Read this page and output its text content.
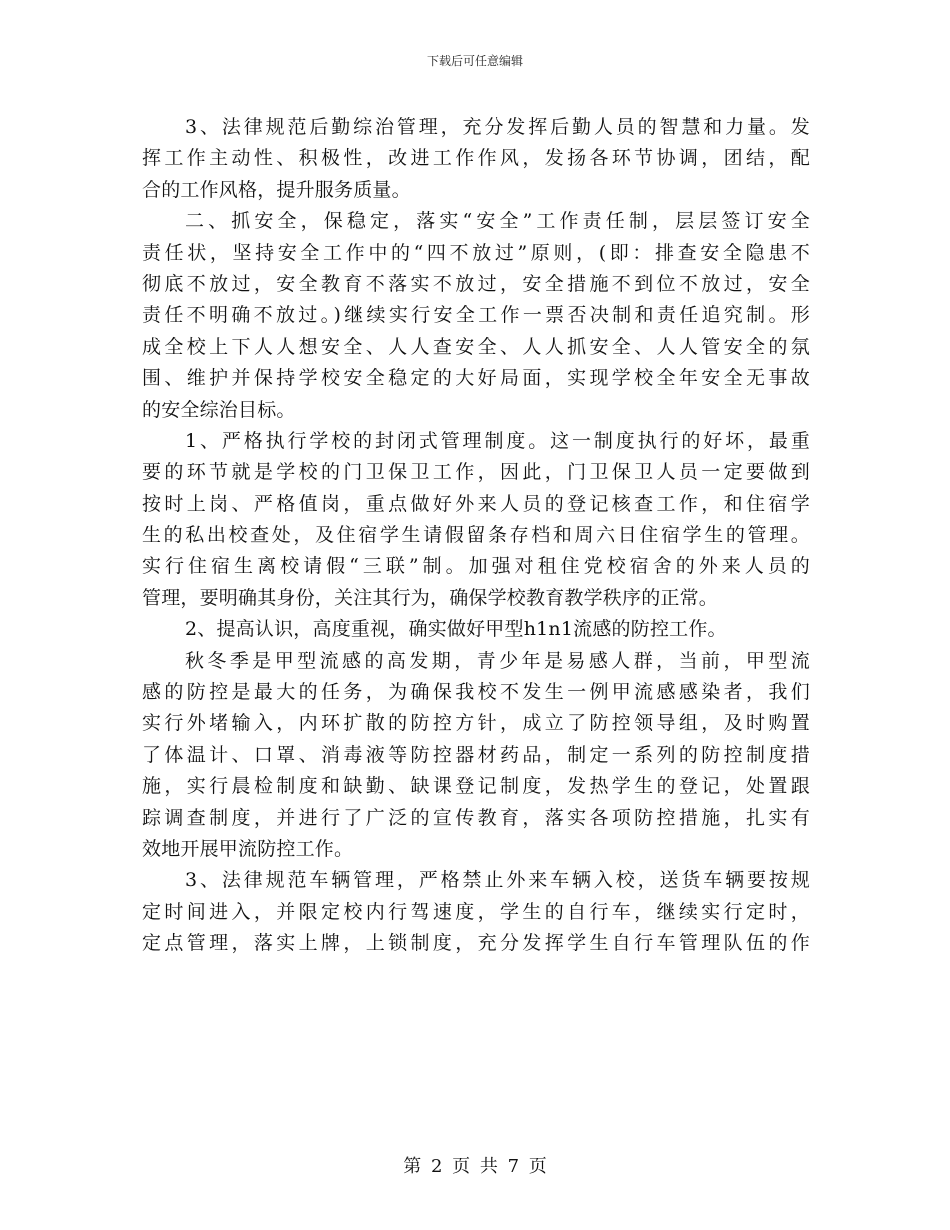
下载后可任意编辑
3、法律规范后勤综治管理，充分发挥后勤人员的智慧和力量。发
挥工作主动性、积极性，改进工作作风，发扬各环节协调，团结，配
合的工作风格，提升服务质量。
二、抓安全，保稳定，落实“安全”工作责任制，层层签订安全
责任状，坚持安全工作中的“四不放过”原则，(即：排查安全隐患不
彻底不放过，安全教育不落实不放过，安全措施不到位不放过，安全
责任不明确不放过。)继续实行安全工作一票否决制和责任追究制。形
成全校上下人人想安全、人人查安全、人人抓安全、人人管安全的氛
围、维护并保持学校安全稳定的大好局面，实现学校全年安全无事故
的安全综治目标。
1、严格执行学校的封闭式管理制度。这一制度执行的好坏，最重
要的环节就是学校的门卫保卫工作，因此，门卫保卫人员一定要做到
按时上岗、严格值岗，重点做好外来人员的登记核查工作，和住宿学
生的私出校查处，及住宿学生请假留条存档和周六日住宿学生的管理。
实行住宿生离校请假“三联”制。加强对租住党校宿舍的外来人员的
管理，要明确其身份，关注其行为，确保学校教育教学秩序的正常。
2、提高认识，高度重视，确实做好甲型h1n1流感的防控工作。
秋冬季是甲型流感的高发期，青少年是易感人群，当前，甲型流
感的防控是最大的任务，为确保我校不发生一例甲流感感染者，我们
实行外堵输入，内环扩散的防控方针，成立了防控领导组，及时购置
了体温计、口罩、消毒液等防控器材药品，制定一系列的防控制度措
施，实行晨检制度和缺勤、缺课登记制度，发热学生的登记，处置跟
踪调查制度，并进行了广泛的宣传教育，落实各项防控措施，扎实有
效地开展甲流防控工作。
3、法律规范车辆管理，严格禁止外来车辆入校，送货车辆要按规
定时间进入，并限定校内行驾速度，学生的自行车，继续实行定时，
定点管理，落实上牌，上锁制度，充分发挥学生自行车管理队伍的作
第 2 页 共 7 页
